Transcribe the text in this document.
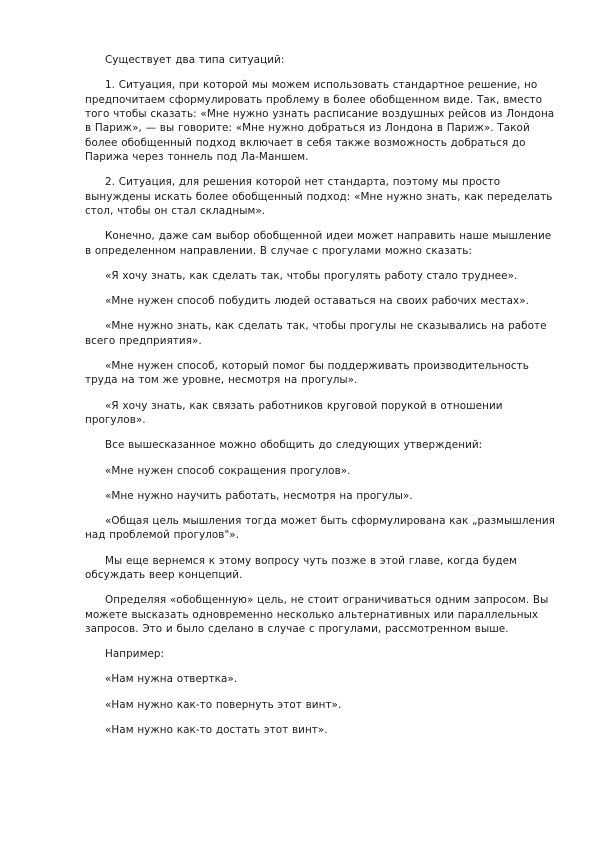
Существует два типа ситуаций:

1. Ситуация, при которой мы можем использовать стандартное решение, но предпочитаем сформулировать проблему в более обобщенном виде. Так, вместо того чтобы сказать: «Мне нужно узнать расписание воздушных рейсов из Лондона в Париж», — вы говорите: «Мне нужно добраться из Лондона в Париж». Такой более обобщенный подход включает в себя также возможность добраться до Парижа через тоннель под Ла-Маншем.

2. Ситуация, для решения которой нет стандарта, поэтому мы просто вынуждены искать более обобщенный подход: «Мне нужно знать, как переделать стол, чтобы он стал складным».

Конечно, даже сам выбор обобщенной идеи может направить наше мышление в определенном направлении. В случае с прогулами можно сказать:

«Я хочу знать, как сделать так, чтобы прогулять работу стало труднее».

«Мне нужен способ побудить людей оставаться на своих рабочих местах».

«Мне нужно знать, как сделать так, чтобы прогулы не сказывались на работе всего предприятия».

«Мне нужен способ, который помог бы поддерживать производительность труда на том же уровне, несмотря на прогулы».

«Я хочу знать, как связать работников круговой порукой в отношении прогулов».

Все вышесказанное можно обобщить до следующих утверждений:

«Мне нужен способ сокращения прогулов».

«Мне нужно научить работать, несмотря на прогулы».

«Общая цель мышления тогда может быть сформулирована как „размышления над проблемой прогулов"».

Мы еще вернемся к этому вопросу чуть позже в этой главе, когда будем обсуждать веер концепций.

Определяя «обобщенную» цель, не стоит ограничиваться одним запросом. Вы можете высказать одновременно несколько альтернативных или параллельных запросов. Это и было сделано в случае с прогулами, рассмотренном выше.

Например:

«Нам нужна отвертка».

«Нам нужно как-то повернуть этот винт».

«Нам нужно как-то достать этот винт».
